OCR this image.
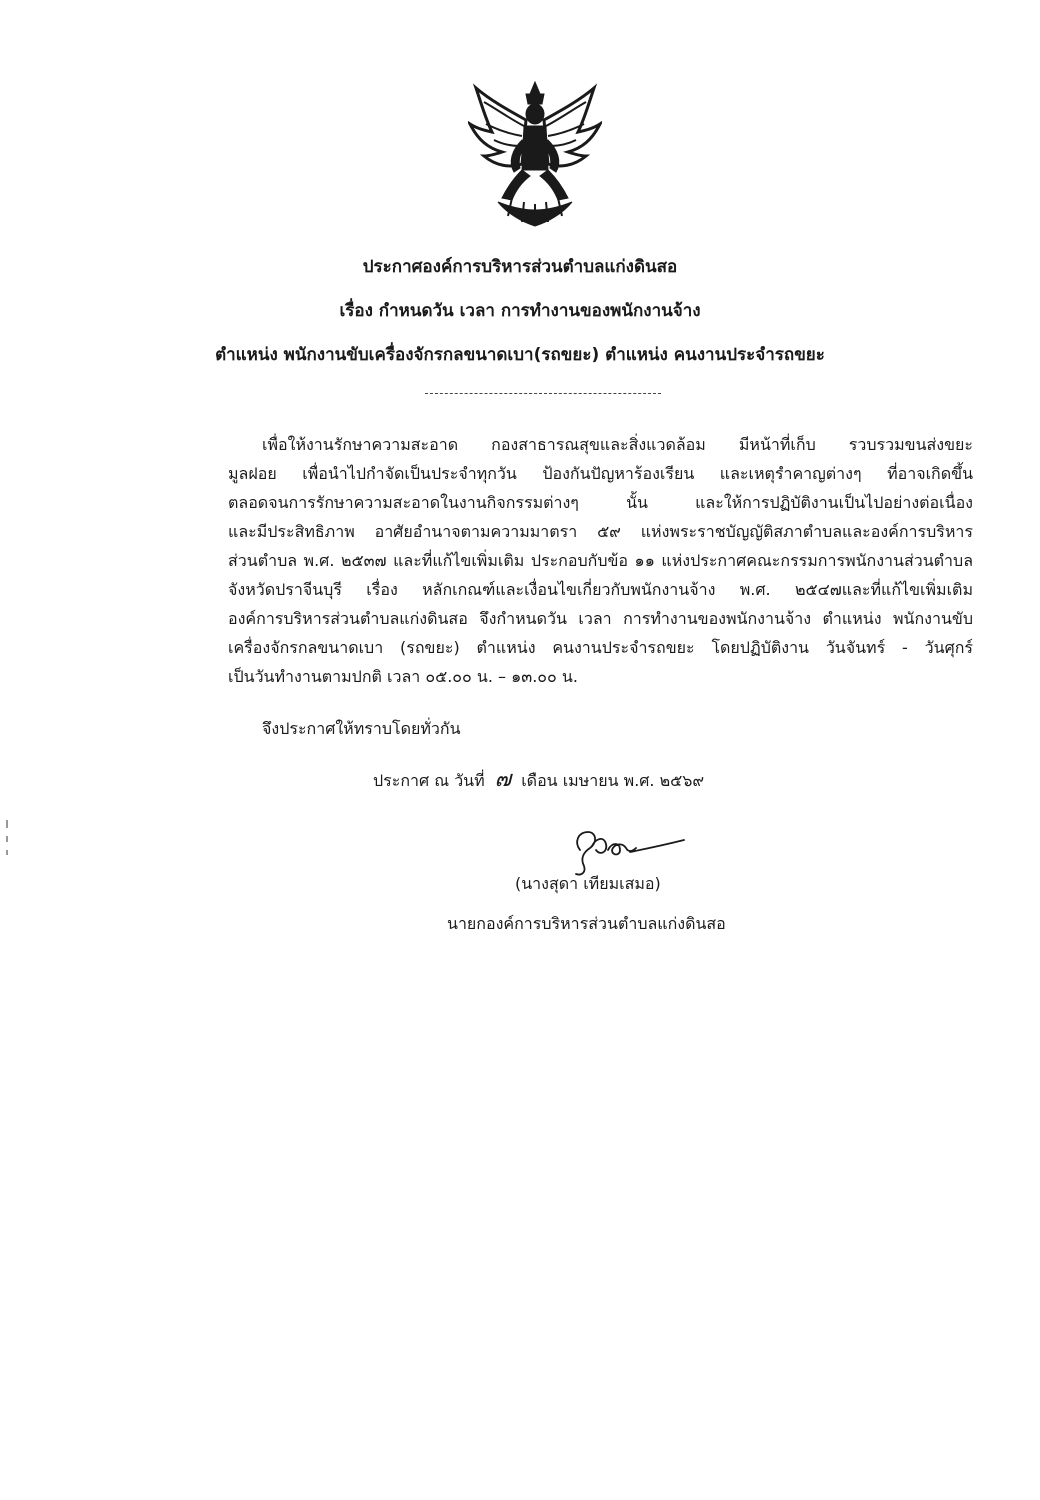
ประกาศองค์การบริหารส่วนตำบลแก่งดินสอ
เรื่อง กำหนดวัน เวลา การทำงานของพนักงานจ้าง
ตำแหน่ง พนักงานขับเครื่องจักรกลขนาดเบา(รถขยะ) ตำแหน่ง คนงานประจำรถขยะ
เพื่อให้งานรักษาความสะอาด กองสาธารณสุขและสิ่งแวดล้อม มีหน้าที่เก็บ รวบรวมขนส่งขยะ
มูลฝอย เพื่อนำไปกำจัดเป็นประจำทุกวัน ป้องกันปัญหาร้องเรียน และเหตุรำคาญต่างๆ ที่อาจเกิดขึ้น
ตลอดจนการรักษาความสะอาดในงานกิจกรรมต่างๆ นั้น และให้การปฏิบัติงานเป็นไปอย่างต่อเนื่อง
และมีประสิทธิภาพ อาศัยอำนาจตามความมาตรา ๕๙ แห่งพระราชบัญญัติสภาตำบลและองค์การบริหาร
ส่วนตำบล พ.ศ. ๒๕๓๗ และที่แก้ไขเพิ่มเติม ประกอบกับข้อ ๑๑ แห่งประกาศคณะกรรมการพนักงานส่วนตำบล
จังหวัดปราจีนบุรี เรื่อง หลักเกณฑ์และเงื่อนไขเกี่ยวกับพนักงานจ้าง พ.ศ. ๒๕๔๗และที่แก้ไขเพิ่มเติม
องค์การบริหารส่วนตำบลแก่งดินสอ จึงกำหนดวัน เวลา การทำงานของพนักงานจ้าง ตำแหน่ง พนักงานขับ
เครื่องจักรกลขนาดเบา (รถขยะ) ตำแหน่ง คนงานประจำรถขยะ โดยปฏิบัติงาน วันจันทร์ - วันศุกร์
เป็นวันทำงานตามปกติ เวลา ๐๕.๐๐ น. – ๑๓.๐๐ น.
จึงประกาศให้ทราบโดยทั่วกัน
ประกาศ ณ วันที่ ๗ เดือน เมษายน พ.ศ. ๒๕๖๙
(นางสุดา เทียมเสมอ)
นายกองค์การบริหารส่วนตำบลแก่งดินสอ
